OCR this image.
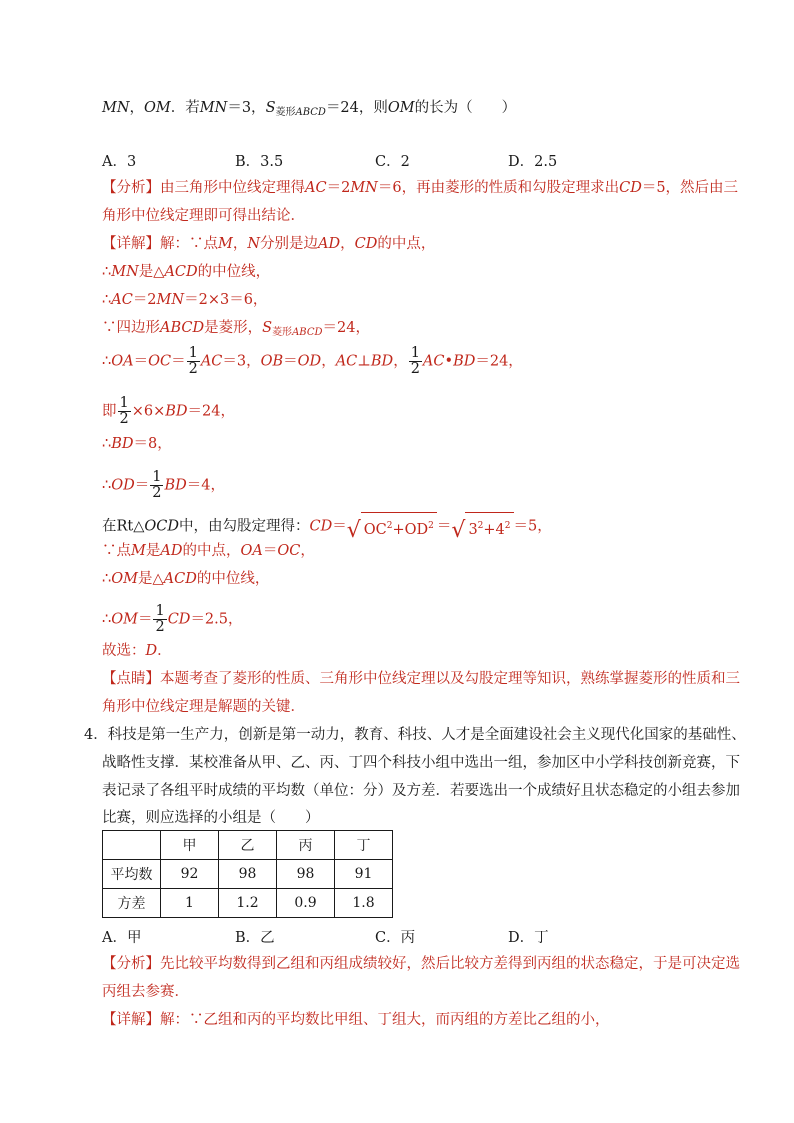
MN，OM．若MN＝3，$S_{菱形ABCD}=24$，则OM的长为（　　）
A．3	B．3.5	C．2	D．2.5
【分析】由三角形中位线定理得AC＝2MN＝6，再由菱形的性质和勾股定理求出CD＝5，然后由三
角形中位线定理即可得出结论．
【详解】解：∵点M，N分别是边AD，CD的中点，
∴MN是△ACD的中位线，
∴AC＝2MN＝2×3＝6，
∵四边形ABCD是菱形，$S_{菱形ABCD}=24$，
∴OA＝OC＝ $\frac{1}{2} AC=3$，OB＝OD，AC⊥BD， $\frac{1}{2}$ AC•BD＝24，
即 $\frac{1}{2} \times 6\times BD=24$，
∴BD＝8，
∴OD＝ $\frac{1}{2} BD=4$，
在Rt△OCD中，由勾股定理得：CD＝√ $OC^2+OD^2$ ＝√ $3^2+4^2 =5$，
∵点M是AD的中点，OA＝OC，
∴OM是△ACD的中位线，
∴OM＝ $\frac{1}{2} CD=2.5$，
故选：D．
【点睛】本题考查了菱形的性质、三角形中位线定理以及勾股定理等知识，熟练掌握菱形的性质和三
角形中位线定理是解题的关键．
4．科技是第一生产力，创新是第一动力，教育、科技、人才是全面建设社会主义现代化国家的基础性、
战略性支撑．某校准备从甲、乙、丙、丁四个科技小组中选出一组，参加区中小学科技创新竞赛，下
表记录了各组平时成绩的平均数（单位：分）及方差．若要选出一个成绩好且状态稳定的小组去参加
比赛，则应选择的小组是（　　）
	甲	乙	丙	丁
平均数	92	98	98	91
方差	1	1.2	0.9	1.8
A．甲	B．乙	C．丙	D．丁
【分析】先比较平均数得到乙组和丙组成绩较好，然后比较方差得到丙组的状态稳定，于是可决定选
丙组去参赛．
【详解】解：∵乙组和丙的平均数比甲组、丁组大，而丙组的方差比乙组的小，
